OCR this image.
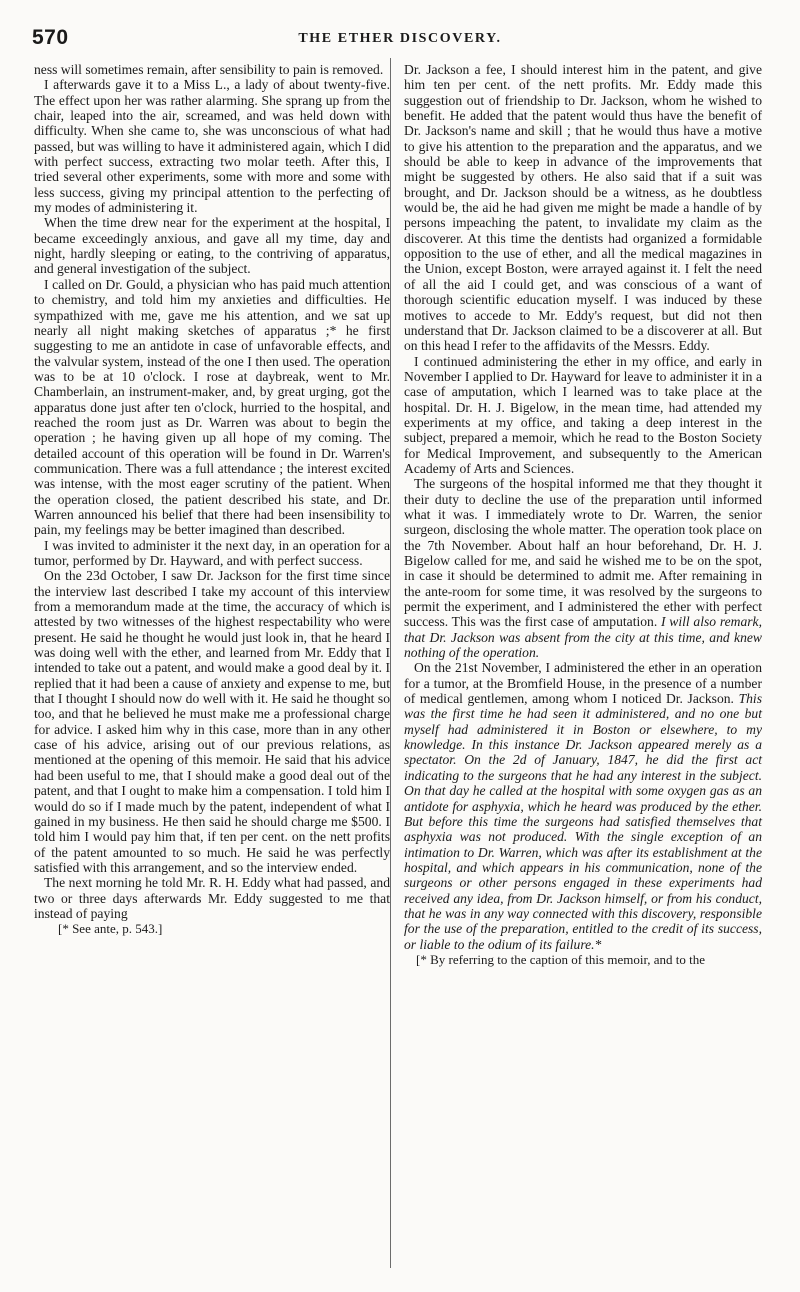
570	THE ETHER DISCOVERY.

ness will sometimes remain, after sensibility to pain is removed.

I afterwards gave it to a Miss L., a lady of about twenty-five. The effect upon her was rather alarming. She sprang up from the chair, leaped into the air, screamed, and was held down with difficulty. When she came to, she was unconscious of what had passed, but was willing to have it administered again, which I did with perfect success, extracting two molar teeth. After this, I tried several other experiments, some with more and some with less success, giving my principal attention to the perfecting of my modes of administering it.

When the time drew near for the experiment at the hospital, I became exceedingly anxious, and gave all my time, day and night, hardly sleeping or eating, to the contriving of apparatus, and general investigation of the subject.

I called on Dr. Gould, a physician who has paid much attention to chemistry, and told him my anxieties and difficulties. He sympathized with me, gave me his attention, and we sat up nearly all night making sketches of apparatus ;* he first suggesting to me an antidote in case of unfavorable effects, and the valvular system, instead of the one I then used. The operation was to be at 10 o'clock. I rose at daybreak, went to Mr. Chamberlain, an instrument-maker, and, by great urging, got the apparatus done just after ten o'clock, hurried to the hospital, and reached the room just as Dr. Warren was about to begin the operation ; he having given up all hope of my coming. The detailed account of this operation will be found in Dr. Warren's communication. There was a full attendance ; the interest excited was intense, with the most eager scrutiny of the patient. When the operation closed, the patient described his state, and Dr. Warren announced his belief that there had been insensibility to pain, my feelings may be better imagined than described.

I was invited to administer it the next day, in an operation for a tumor, performed by Dr. Hayward, and with perfect success.

On the 23d October, I saw Dr. Jackson for the first time since the interview last described I take my account of this interview from a memorandum made at the time, the accuracy of which is attested by two witnesses of the highest respectability who were present. He said he thought he would just look in, that he heard I was doing well with the ether, and learned from Mr. Eddy that I intended to take out a patent, and would make a good deal by it. I replied that it had been a cause of anxiety and expense to me, but that I thought I should now do well with it. He said he thought so too, and that he believed he must make me a professional charge for advice. I asked him why in this case, more than in any other case of his advice, arising out of our previous relations, as mentioned at the opening of this memoir. He said that his advice had been useful to me, that I should make a good deal out of the patent, and that I ought to make him a compensation. I told him I would do so if I made much by the patent, independent of what I gained in my business. He then said he should charge me $500. I told him I would pay him that, if ten per cent. on the nett profits of the patent amounted to so much. He said he was perfectly satisfied with this arrangement, and so the interview ended.

The next morning he told Mr. R. H. Eddy what had passed, and two or three days afterwards Mr. Eddy suggested to me that instead of paying

[* See ante, p. 543.]

Dr. Jackson a fee, I should interest him in the patent, and give him ten per cent. of the nett profits. Mr. Eddy made this suggestion out of friendship to Dr. Jackson, whom he wished to benefit. He added that the patent would thus have the benefit of Dr. Jackson's name and skill ; that he would thus have a motive to give his attention to the preparation and the apparatus, and we should be able to keep in advance of the improvements that might be suggested by others. He also said that if a suit was brought, and Dr. Jackson should be a witness, as he doubtless would be, the aid he had given me might be made a handle of by persons impeaching the patent, to invalidate my claim as the discoverer. At this time the dentists had organized a formidable opposition to the use of ether, and all the medical magazines in the Union, except Boston, were arrayed against it. I felt the need of all the aid I could get, and was conscious of a want of thorough scientific education myself. I was induced by these motives to accede to Mr. Eddy's request, but did not then understand that Dr. Jackson claimed to be a discoverer at all. But on this head I refer to the affidavits of the Messrs. Eddy.

I continued administering the ether in my office, and early in November I applied to Dr. Hayward for leave to administer it in a case of amputation, which I learned was to take place at the hospital. Dr. H. J. Bigelow, in the mean time, had attended my experiments at my office, and taking a deep interest in the subject, prepared a memoir, which he read to the Boston Society for Medical Improvement, and subsequently to the American Academy of Arts and Sciences.

The surgeons of the hospital informed me that they thought it their duty to decline the use of the preparation until informed what it was. I immediately wrote to Dr. Warren, the senior surgeon, disclosing the whole matter. The operation took place on the 7th November. About half an hour beforehand, Dr. H. J. Bigelow called for me, and said he wished me to be on the spot, in case it should be determined to admit me. After remaining in the ante-room for some time, it was resolved by the surgeons to permit the experiment, and I administered the ether with perfect success. This was the first case of amputation. I will also remark, that Dr. Jackson was absent from the city at this time, and knew nothing of the operation.

On the 21st November, I administered the ether in an operation for a tumor, at the Bromfield House, in the presence of a number of medical gentlemen, among whom I noticed Dr. Jackson. This was the first time he had seen it administered, and no one but myself had administered it in Boston or elsewhere, to my knowledge. In this instance Dr. Jackson appeared merely as a spectator. On the 2d of January, 1847, he did the first act indicating to the surgeons that he had any interest in the subject. On that day he called at the hospital with some oxygen gas as an antidote for asphyxia, which he heard was produced by the ether. But before this time the surgeons had satisfied themselves that asphyxia was not produced. With the single exception of an intimation to Dr. Warren, which was after its establishment at the hospital, and which appears in his communication, none of the surgeons or other persons engaged in these experiments had received any idea, from Dr. Jackson himself, or from his conduct, that he was in any way connected with this discovery, responsible for the use of the preparation, entitled to the credit of its success, or liable to the odium of its failure.*

[* By referring to the caption of this memoir, and to the
